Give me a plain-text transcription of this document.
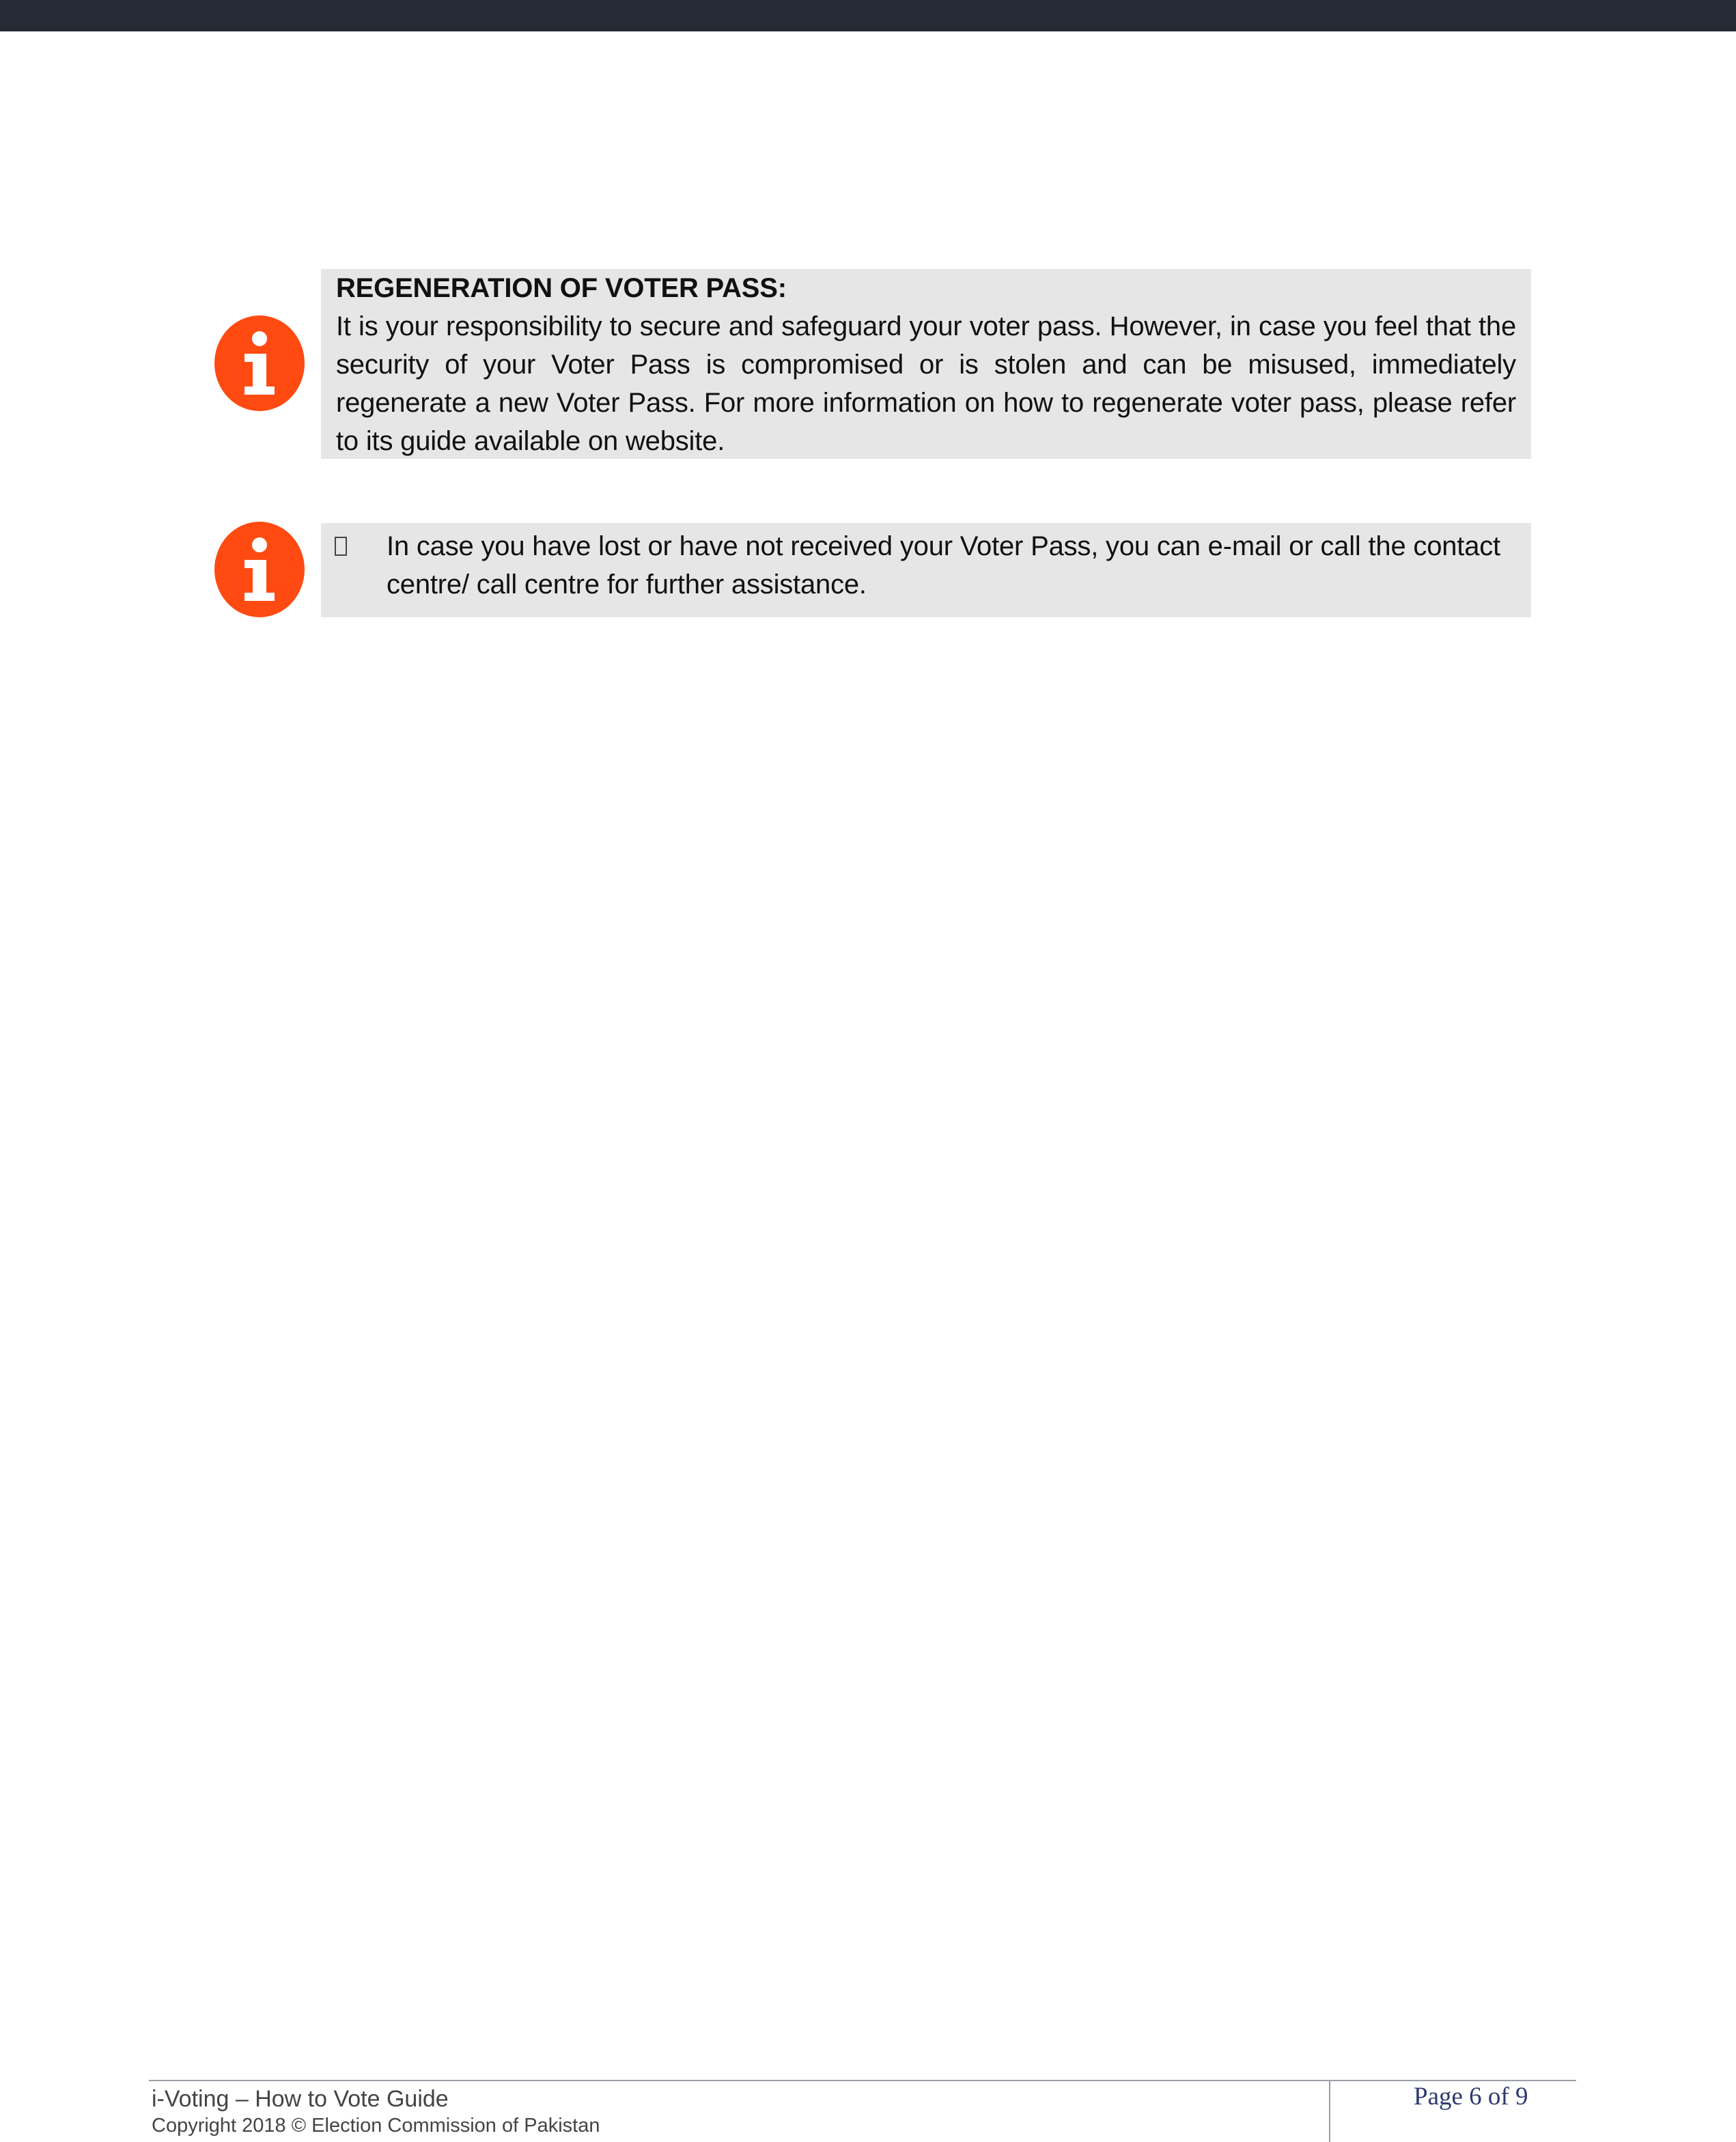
REGENERATION OF VOTER PASS:

It is your responsibility to secure and safeguard your voter pass. However, in case you feel that the security of your Voter Pass is compromised or is stolen and can be misused, immediately regenerate a new Voter Pass. For more information on how to regenerate voter pass, please refer to its guide available on website.

In case you have lost or have not received your Voter Pass, you can e-mail or call the contact centre/ call centre for further assistance.

i-Voting – How to Vote Guide
Copyright 2018 © Election Commission of Pakistan
Page 6 of 9
